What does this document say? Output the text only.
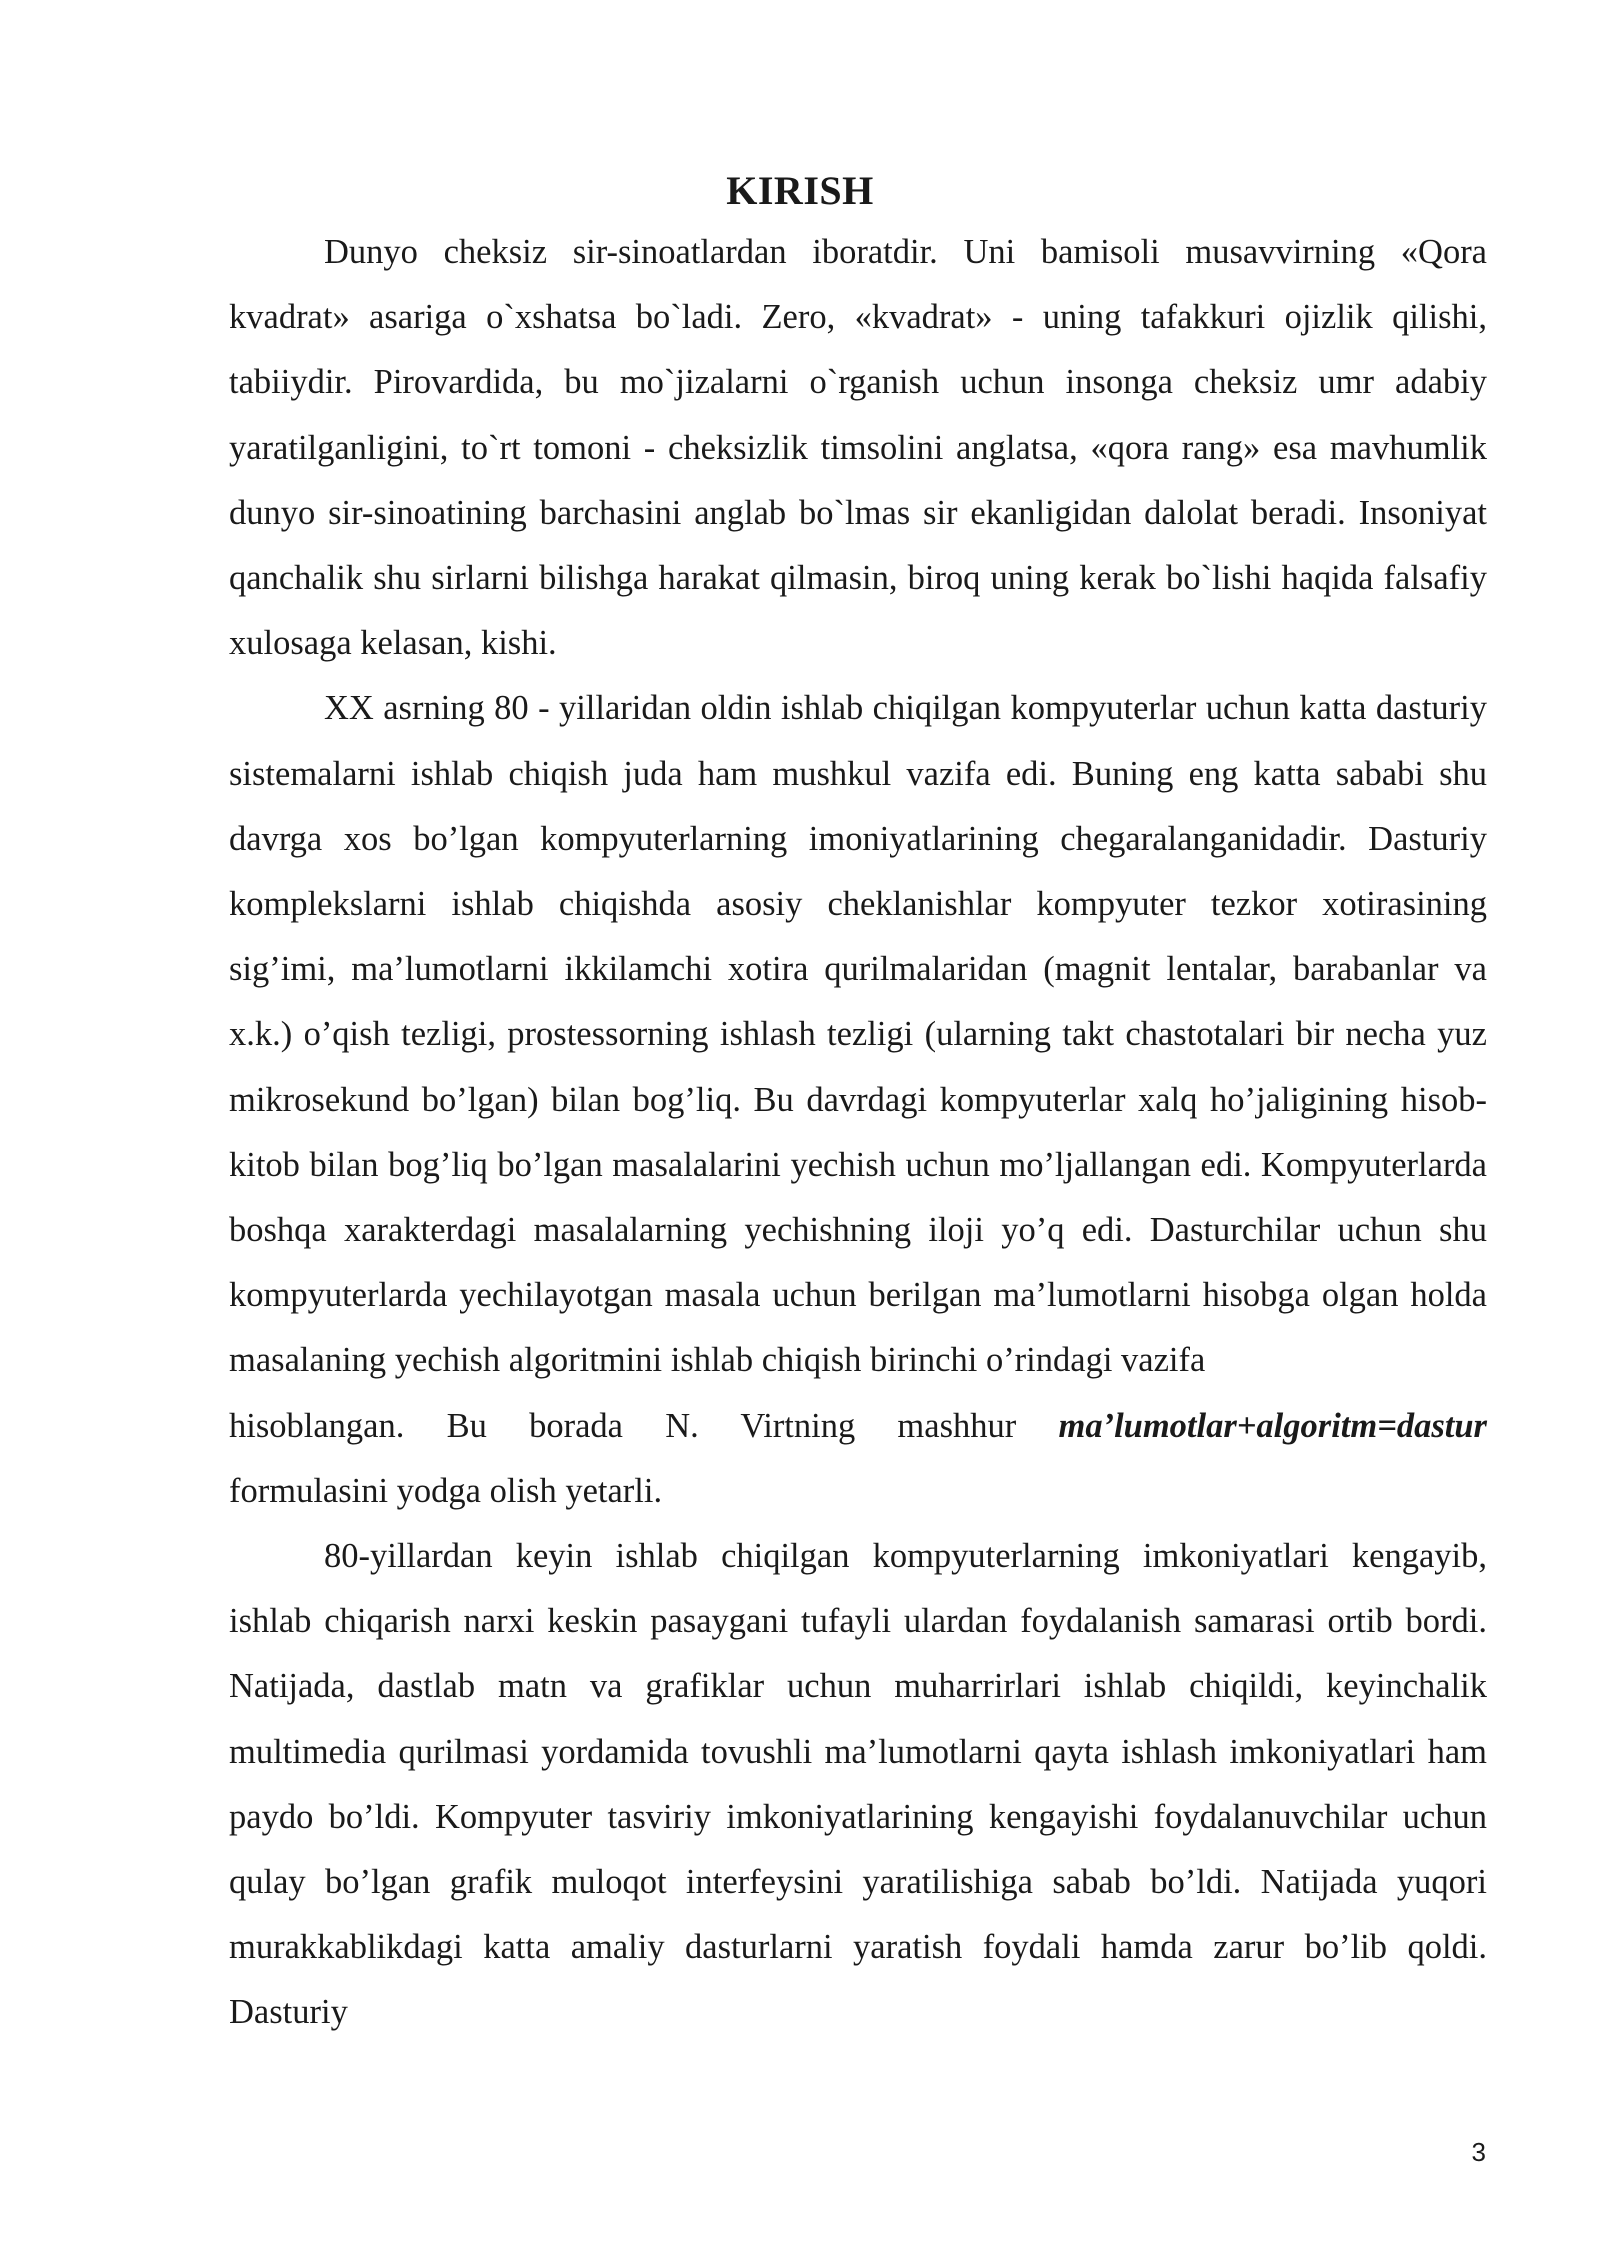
KIRISH

Dunyo cheksiz sir-sinoatlardan iboratdir. Uni bamisoli musavvirning «Qora kvadrat» asariga o`xshatsa bo`ladi. Zero, «kvadrat» - uning tafakkuri ojizlik qilishi, tabiiydir. Pirovardida, bu mo`jizalarni o`rganish uchun insonga cheksiz umr adabiy yaratilganligini, to`rt tomoni - cheksizlik timsolini anglatsa, «qora rang» esa mavhumlik dunyo sir-sinoatining barchasini anglab bo`lmas sir ekanligidan dalolat beradi. Insoniyat qanchalik shu sirlarni bilishga harakat qilmasin, biroq uning kerak bo`lishi haqida falsafiy xulosaga kelasan, kishi.

XX asrning 80 - yillaridan oldin ishlab chiqilgan kompyuterlar uchun katta dasturiy sistemalarni ishlab chiqish juda ham mushkul vazifa edi. Buning eng katta sababi shu davrga xos bo’lgan kompyuterlarning imoniyatlarining chegaralanganidadir. Dasturiy komplekslarni ishlab chiqishda asosiy cheklanishlar kompyuter tezkor xotirasining sig’imi, ma’lumotlarni ikkilamchi xotira qurilmalaridan (magnit lentalar, barabanlar va x.k.) o’qish tezligi, prostessorning ishlash tezligi (ularning takt chastotalari bir necha yuz mikrosekund bo’lgan) bilan bog’liq. Bu davrdagi kompyuterlar xalq ho’jaligining hisob-kitob bilan bog’liq bo’lgan masalalarini yechish uchun mo’ljallangan edi. Kompyuterlarda boshqa xarakterdagi masalalarning yechishning iloji yo’q edi. Dasturchilar uchun shu kompyuterlarda yechilayotgan masala uchun berilgan ma’lumotlarni hisobga olgan holda masalaning yechish algoritmini ishlab chiqish birinchi o’rindagi vazifa

hisoblangan. Bu borada N. Virtning mashhur ma’lumotlar+algoritm=dastur

formulasini yodga olish yetarli.

80-yillardan keyin ishlab chiqilgan kompyuterlarning imkoniyatlari kengayib, ishlab chiqarish narxi keskin pasaygani tufayli ulardan foydalanish samarasi ortib bordi. Natijada, dastlab matn va grafiklar uchun muharrirlari ishlab chiqildi, keyinchalik multimedia qurilmasi yordamida tovushli ma’lumotlarni qayta ishlash imkoniyatlari ham paydo bo’ldi. Kompyuter tasviriy imkoniyatlarining kengayishi foydalanuvchilar uchun qulay bo’lgan grafik muloqot interfeysini yaratilishiga sabab bo’ldi. Natijada yuqori murakkablikdagi katta amaliy dasturlarni yaratish foydali hamda zarur bo’lib qoldi. Dasturiy

3
